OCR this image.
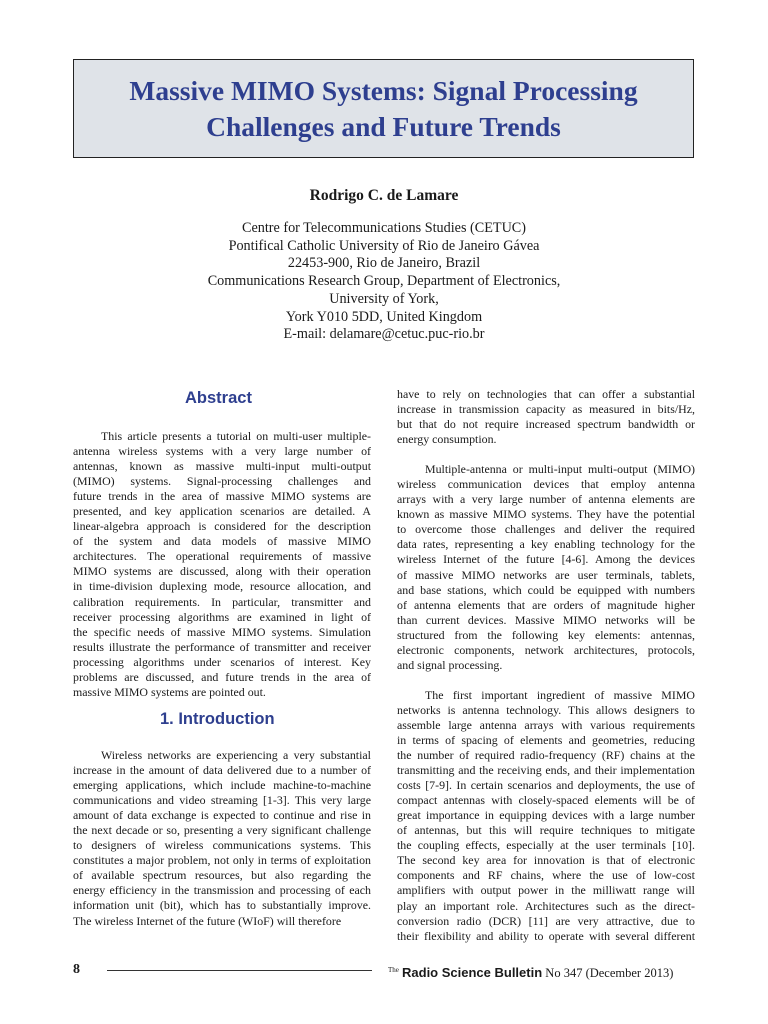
Massive MIMO Systems: Signal Processing
Challenges and Future Trends
Rodrigo C. de Lamare
Centre for Telecommunications Studies (CETUC)
Pontifical Catholic University of Rio de Janeiro Gávea
22453-900, Rio de Janeiro, Brazil
Communications Research Group, Department of Electronics,
University of York,
York Y010 5DD, United Kingdom
E-mail: delamare@cetuc.puc-rio.br
Abstract
This article presents a tutorial on multi-user multiple-
antenna wireless systems with a very large number of
antennas, known as massive multi-input multi-output
(MIMO) systems. Signal-processing challenges and
future trends in the area of massive MIMO systems are
presented, and key application scenarios are detailed. A
linear-algebra approach is considered for the description
of the system and data models of massive MIMO
architectures. The operational requirements of massive
MIMO systems are discussed, along with their operation
in time-division duplexing mode, resource allocation, and
calibration requirements. In particular, transmitter and
receiver processing algorithms are examined in light of
the specific needs of massive MIMO systems. Simulation
results illustrate the performance of transmitter and receiver
processing algorithms under scenarios of interest. Key
problems are discussed, and future trends in the area of
massive MIMO systems are pointed out.
1. Introduction
Wireless networks are experiencing a very substantial
increase in the amount of data delivered due to a number of
emerging applications, which include machine-to-machine
communications and video streaming [1-3]. This very large
amount of data exchange is expected to continue and rise in
the next decade or so, presenting a very significant challenge
to designers of wireless communications systems. This
constitutes a major problem, not only in terms of exploitation
of available spectrum resources, but also regarding the
energy efficiency in the transmission and processing of each
information unit (bit), which has to substantially improve.
The wireless Internet of the future (WIoF) will therefore
have to rely on technologies that can offer a substantial
increase in transmission capacity as measured in bits/Hz,
but that do not require increased spectrum bandwidth or
energy consumption.
Multiple-antenna or multi-input multi-output (MIMO)
wireless communication devices that employ antenna
arrays with a very large number of antenna elements are
known as massive MIMO systems. They have the potential
to overcome those challenges and deliver the required
data rates, representing a key enabling technology for the
wireless Internet of the future [4-6]. Among the devices
of massive MIMO networks are user terminals, tablets,
and base stations, which could be equipped with numbers
of antenna elements that are orders of magnitude higher
than current devices. Massive MIMO networks will be
structured from the following key elements: antennas,
electronic components, network architectures, protocols,
and signal processing.
The first important ingredient of massive MIMO
networks is antenna technology. This allows designers to
assemble large antenna arrays with various requirements
in terms of spacing of elements and geometries, reducing
the number of required radio-frequency (RF) chains at the
transmitting and the receiving ends, and their implementation
costs [7-9]. In certain scenarios and deployments, the use of
compact antennas with closely-spaced elements will be of
great importance in equipping devices with a large number
of antennas, but this will require techniques to mitigate
the coupling effects, especially at the user terminals [10].
The second key area for innovation is that of electronic
components and RF chains, where the use of low-cost
amplifiers with output power in the milliwatt range will
play an important role. Architectures such as the direct-
conversion radio (DCR) [11] are very attractive, due to
their flexibility and ability to operate with several different
8	$^{The}$ Radio Science Bulletin No 347 (December 2013)
